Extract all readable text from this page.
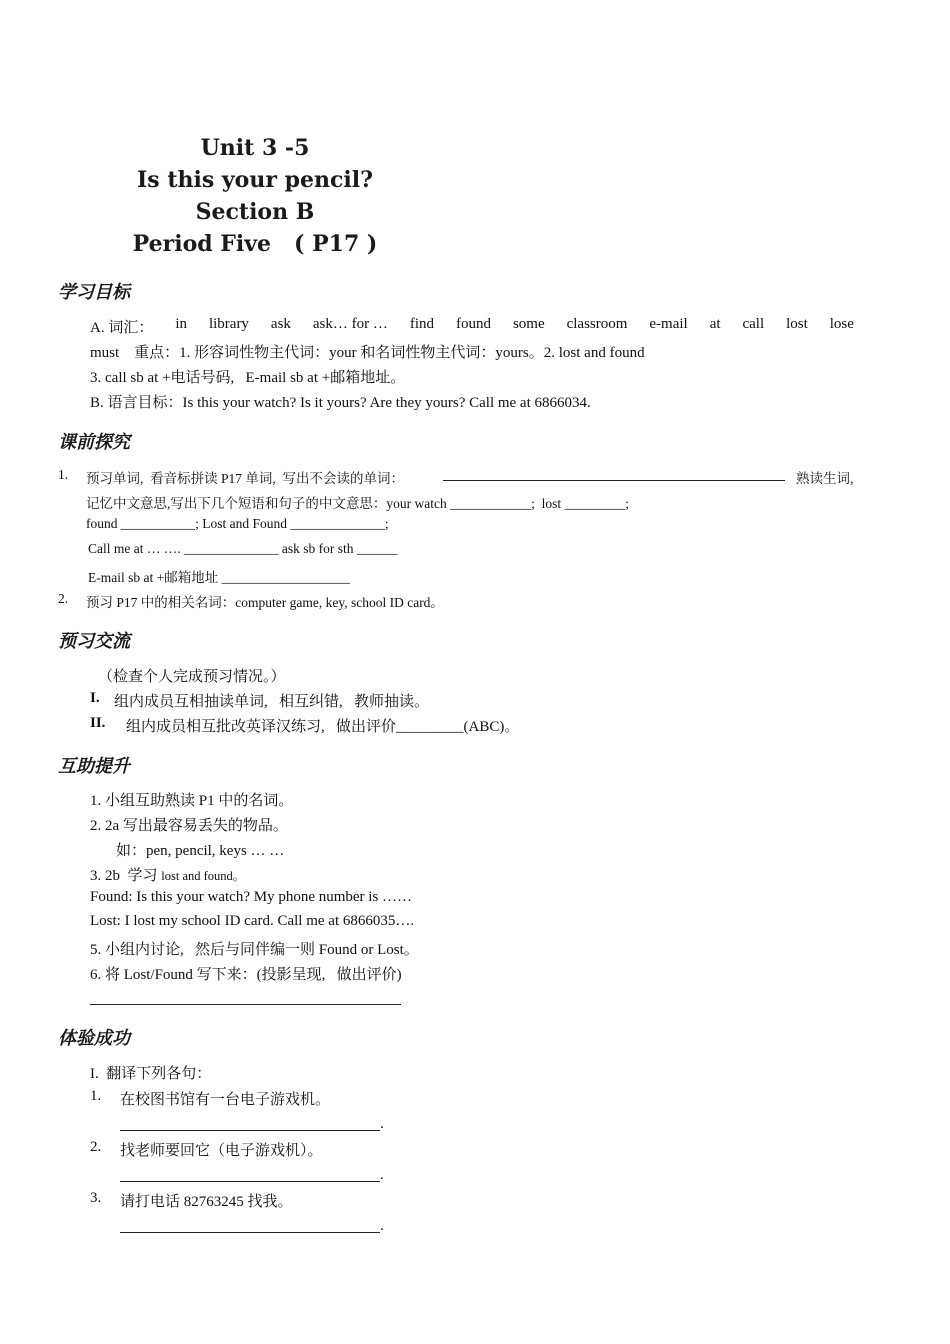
Unit 3 -5
Is this your pencil?
Section B
Period Five   ( P17 )
学习目标
A. 词汇： in library ask ask… for … find found some classroom e-mail at call lost lose
must    重点：1. 形容词性物主代词：your 和名词性物主代词：yours。2. lost and found
3. call sb at +电话号码,   E-mail sb at +邮箱地址。
B. 语言目标：Is this your watch? Is it yours? Are they yours? Call me at 6866034.
课前探究
1. 预习单词,  看音标拼读 P17 单词,  写出不会读的单词：	熟读生词,
记忆中文意思,写出下几个短语和句子的中文意思：your watch ____________;  lost _________;
found ___________; Lost and Found ______________;
Call me at … …. ______________ ask sb for sth ______
E-mail sb at +邮箱地址 ___________________
2. 预习 P17 中的相关名词：computer game, key, school ID card。
预习交流
（检查个人完成预习情况。）
I. 组内成员互相抽读单词,   相互纠错,   教师抽读。
II. 组内成员相互批改英译汉练习,   做出评价_________(ABC)。
互助提升
1. 小组互助熟读 P1 中的名词。
2. 2a 写出最容易丢失的物品。
如：pen, pencil, keys … …
3. 2b  学习 lost and found。
Found: Is this your watch? My phone number is ……
Lost: I lost my school ID card. Call me at 6866035….
5. 小组内讨论,   然后与同伴编一则 Found or Lost。
6. 将 Lost/Found 写下来：(投影呈现,   做出评价)
体验成功
I.  翻译下列各句：
1. 在校图书馆有一台电子游戏机。
.
2. 找老师要回它（电子游戏机）。
.
3. 请打电话 82763245 找我。
.
